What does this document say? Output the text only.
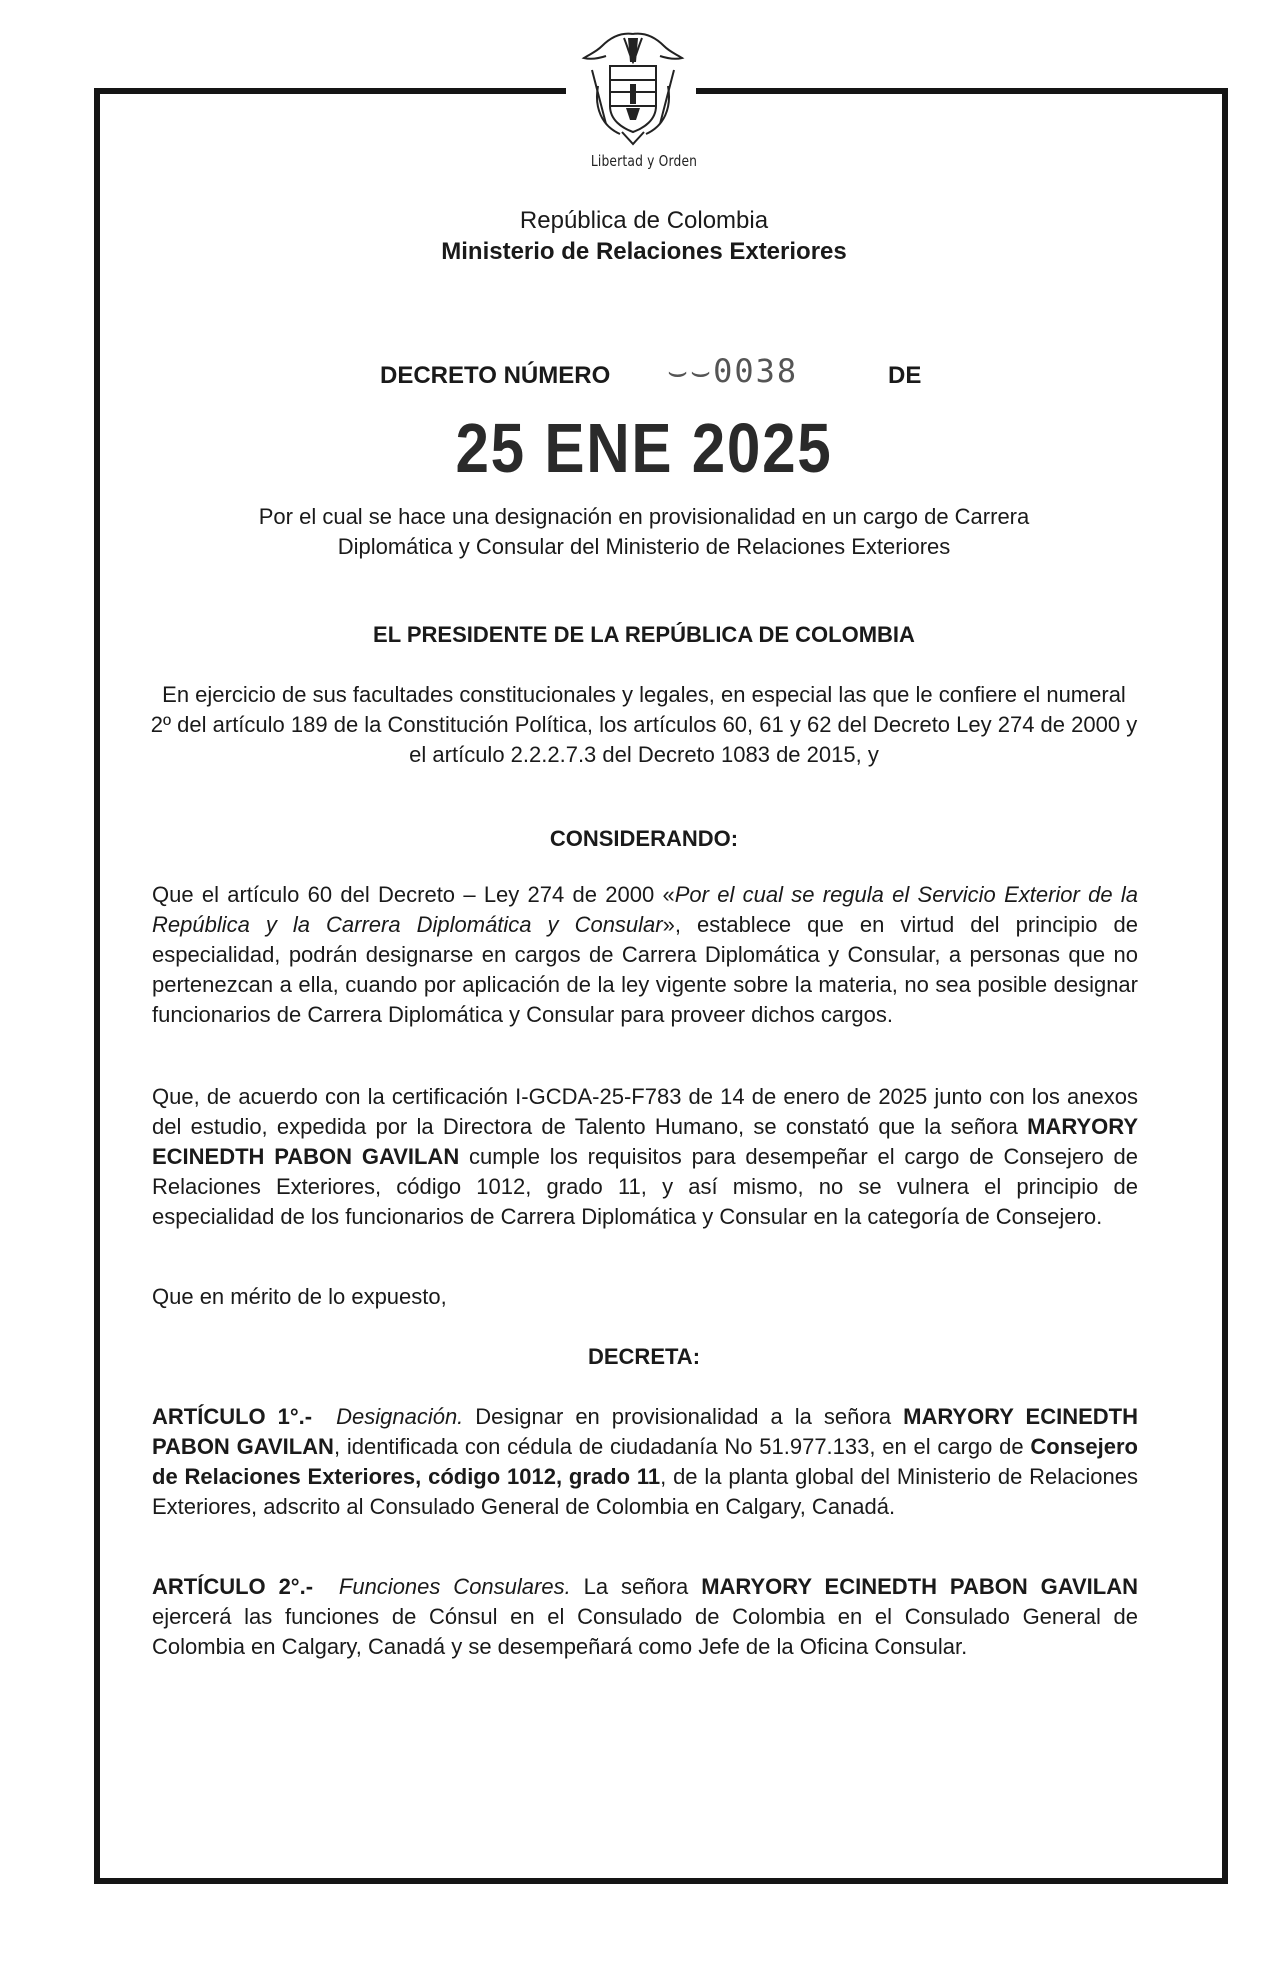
Libertad y Orden
República de Colombia
Ministerio de Relaciones Exteriores
DECRETO NÚMERO ⌣⌣0038	DE
25 ENE 2025
Por el cual se hace una designación en provisionalidad en un cargo de Carrera
Diplomática y Consular del Ministerio de Relaciones Exteriores
EL PRESIDENTE DE LA REPÚBLICA DE COLOMBIA
En ejercicio de sus facultades constitucionales y legales, en especial las que le confiere el numeral 2º del artículo 189 de la Constitución Política, los artículos 60, 61 y 62 del Decreto Ley 274 de 2000 y el artículo 2.2.2.7.3 del Decreto 1083 de 2015, y
CONSIDERANDO:
Que el artículo 60 del Decreto – Ley 274 de 2000 «Por el cual se regula el Servicio Exterior de la República y la Carrera Diplomática y Consular», establece que en virtud del principio de especialidad, podrán designarse en cargos de Carrera Diplomática y Consular, a personas que no pertenezcan a ella, cuando por aplicación de la ley vigente sobre la materia, no sea posible designar funcionarios de Carrera Diplomática y Consular para proveer dichos cargos.
Que, de acuerdo con la certificación I-GCDA-25-F783 de 14 de enero de 2025 junto con los anexos del estudio, expedida por la Directora de Talento Humano, se constató que la señora MARYORY ECINEDTH PABON GAVILAN cumple los requisitos para desempeñar el cargo de Consejero de Relaciones Exteriores, código 1012, grado 11, y así mismo, no se vulnera el principio de especialidad de los funcionarios de Carrera Diplomática y Consular en la categoría de Consejero.
Que en mérito de lo expuesto,
DECRETA:
ARTÍCULO 1°.- Designación. Designar en provisionalidad a la señora MARYORY ECINEDTH PABON GAVILAN, identificada con cédula de ciudadanía No 51.977.133, en el cargo de Consejero de Relaciones Exteriores, código 1012, grado 11, de la planta global del Ministerio de Relaciones Exteriores, adscrito al Consulado General de Colombia en Calgary, Canadá.
ARTÍCULO 2°.- Funciones Consulares. La señora MARYORY ECINEDTH PABON GAVILAN ejercerá las funciones de Cónsul en el Consulado de Colombia en el Consulado General de Colombia en Calgary, Canadá y se desempeñará como Jefe de la Oficina Consular.
